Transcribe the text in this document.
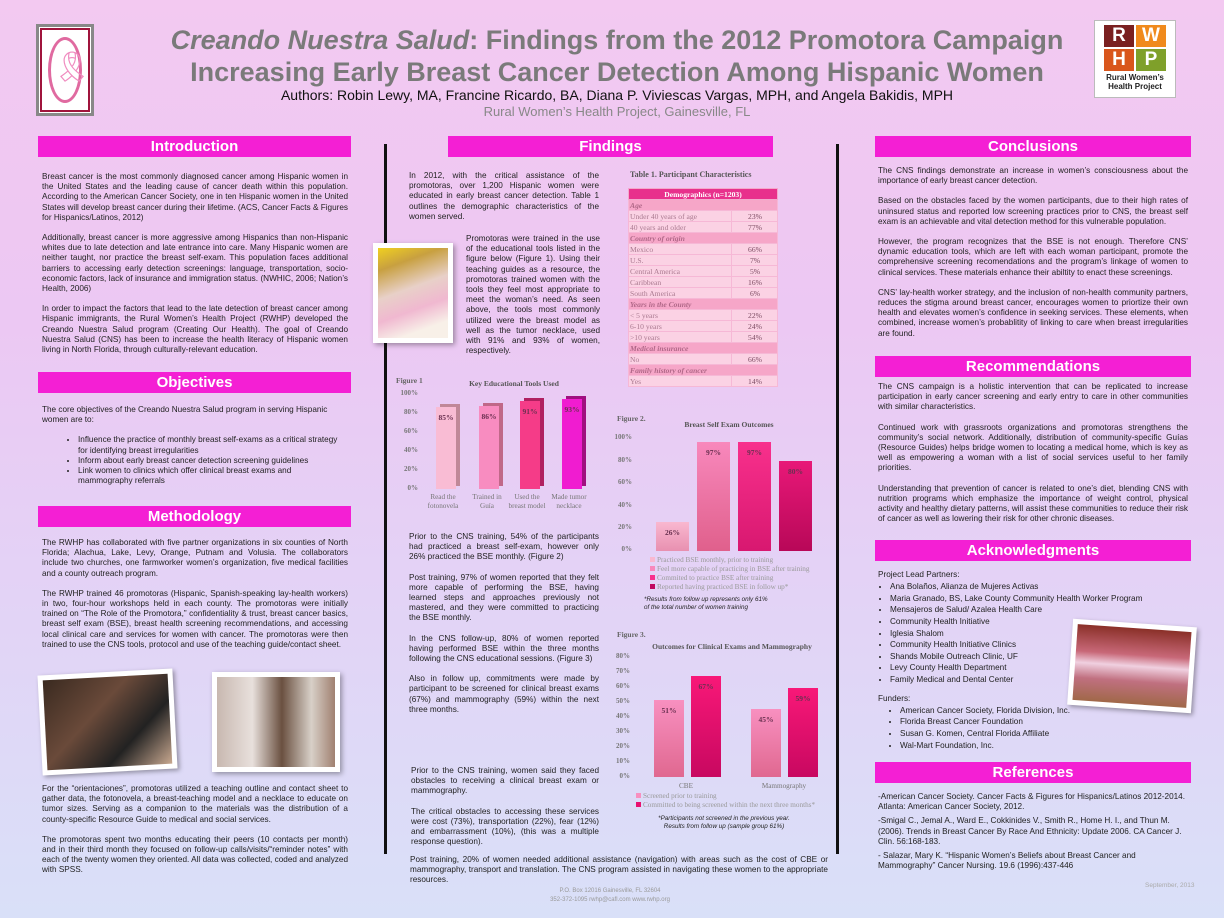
🎗
Creando Nuestra Salud: Findings from the 2012 Promotora Campaign
Increasing Early Breast Cancer Detection Among Hispanic Women
Authors: Robin Lewy, MA, Francine Ricardo, BA, Diana P. Viviescas Vargas, MPH, and Angela Bakidis, MPH
Rural Women’s Health Project, Gainesville, FL
R W
H P
Rural Women’s Health Project
Introduction

Breast cancer is the most commonly diagnosed cancer among Hispanic women in the United States and the leading cause of cancer death within this population. According to the American Cancer Society, one in ten Hispanic women in the United States will develop breast cancer during their lifetime. (ACS, Cancer Facts & Figures for Hispanics/Latinos, 2012)

Additionally, breast cancer is more aggressive among Hispanics than non-Hispanic whites due to late detection and late entrance into care. Many Hispanic women are neither taught, nor practice the breast self-exam. This population faces additional barriers to accessing early detection screenings: language, transportation, socio-economic factors, lack of insurance and immigration status. (NWHIC, 2006; Nation’s Health, 2006)

In order to impact the factors that lead to the late detection of breast cancer among Hispanic immigrants, the Rural Women’s Health Project (RWHP) developed the Creando Nuestra Salud program (Creating Our Health). The goal of Creando Nuestra Salud (CNS) has been to increase the health literacy of Hispanic women living in North Florida, through culturally-relevant education.

Objectives
The core objectives of the Creando Nuestra Salud program in serving Hispanic women are to:
• Influence the practice of monthly breast self-exams as a critical strategy for identifying breast irregularities
• Inform about early breast cancer detection screening guidelines
• Link women to clinics which offer clinical breast exams and mammography referrals
Methodology

The RWHP has collaborated with five partner organizations in six counties of North Florida; Alachua, Lake, Levy, Orange, Putnam and Volusia. The collaborators include two churches, one farmworker women’s organization, five medical facilities and a county outreach program.

The RWHP trained 46 promotoras (Hispanic, Spanish-speaking lay-health workers) in two, four-hour workshops held in each county. The promotoras were initially trained on “The Role of the Promotora,” confidentiality & trust, breast cancer basics, breast self exam (BSE), breast health screening recommendations, and accessing local clinical care and services for women with cancer. The promotoras were then trained to use the CNS tools, protocol and use of the teaching guide/contact sheet.

For the “orientaciones”, promotoras utilized a teaching outline and contact sheet to gather data, the fotonovela, a breast-teaching model and a necklace to educate on tumor sizes. Serving as a companion to the materials was the distribution of a county-specific Resource Guide to medical and social services.

The promotoras spent two months educating their peers (10 contacts per month) and in their third month they focused on follow-up calls/visits/“reminder notes” with each of the twenty women they oriented. All data was collected, coded and analyzed with SPSS.

Findings
In 2012, with the critical assistance of the promotoras, over 1,200 Hispanic women were educated in early breast cancer detection. Table 1 outlines the demographic characteristics of the women served.
Promotoras were trained in the use of the educational tools listed in the figure below (Figure 1). Using their teaching guides as a resource, the promotoras trained women with the tools they feel most appropriate to meet the woman’s need. As seen above, the tools most commonly utilized were the breast model as well as the tumor necklace, used with 91% and 93% of women, respectively.
Figure 1	Key Educational Tools Used
100%
80%
60%
40%
20%
0%
85%	86%
91%	93%
Read the fotonovela
Trained in Guía
Used the breast model
Made tumor necklace

Prior to the CNS training, 54% of the participants had practiced a breast self-exam, however only 26% practiced the BSE monthly. (Figure 2)

Post training, 97% of women reported that they felt more capable of performing the BSE, having learned steps and approaches previously not mastered, and they were committed to practicing the BSE monthly.

In the CNS follow-up, 80% of women reported having performed BSE within the three months following the CNS educational sessions. (Figure 3)

Also in follow up, commitments were made by participant to be screened for clinical breast exams (67%) and mammography (59%) within the next three months.

Prior to the CNS training, women said they faced obstacles to receiving a clinical breast exam or mammography.

The critical obstacles to accessing these services were cost (73%), transportation (22%), fear (12%) and embarrassment (10%), (this was a multiple response question).

Post training, 20% of women needed additional assistance (navigation) with areas such as the cost of CBE or mammography, transport and translation. The CNS program assisted in navigating these women to the appropriate resources.
P.O. Box 12016 Gainesville, FL 32604
352-372-1095 rwhp@cafl.com www.rwhp.org
Table 1. Participant Characteristics
Demographics (n=1203)	
Age	
Under 40 years of age	23%
40 years and older	77%
Country of origin	
Mexico	66%
U.S.	7%
Central America	5%
Caribbean	16%
South America	6%
Years in the County	
< 5 years	22%
6-10 years	24%
>10 years	54%
Medical insurance	
No	66%
Family history of cancer	
Yes	14%
Figure 2.
Breast Self Exam Outcomes
100%
80%
60%
40%
20%
0%
26%
97%	97%
80%
Practiced BSE monthly, prior to training
Feel more capable of practicing in BSE after training
Commited to practice BSE after training
Reported having practiced BSE in follow up*
*Results from follow up represents only 61% of the total number of women training
Figure 3.
Outcomes for Clinical Exams and Mammography
80%
70%
60%
50%
40%
30%
20%
10%
0%
51%
67%
45%
59%
CBE	Mammography
Screened prior to training
Committed to being screened within the next three months*
*Participants not screened in the previous year.
Results from follow up (sample group 61%)
Conclusions

The CNS findings demonstrate an increase in women’s consciousness about the importance of early breast cancer detection.

Based on the obstacles faced by the women participants, due to their high rates of uninsured status and reported low screening practices prior to CNS, the breast self exam is an achievable and vital detection method for this vulnerable population.

However, the program recognizes that the BSE is not enough. Therefore CNS’ dynamic education tools, which are left with each woman participant, promote the comprehensive screening recomendations and the program’s linkage of women to clinical services. These materials enhance their abiltity to enact these screenings.

CNS’ lay-health worker strategy, and the inclusion of non-health community partners, reduces the stigma around breast cancer, encourages women to priortize their own health and elevates women’s confidence in seeking services. These elements, when combined, increase women’s probablitity of linking to care when breast irregularities are found.

Recommendations

The CNS campaign is a holistic intervention that can be replicated to increase participation in early cancer screening and early entry to care in other communities with similar characteristics.

Continued work with grassroots organizations and promotoras strengthens the community’s social network. Additionally, distribution of community-specific Guías (Resource Guides) helps bridge women to locating a medical home, which is key as well as empowering a woman with a list of social services useful to her family priorities.

Understanding that prevention of cancer is related to one’s diet, blending CNS with nutrition programs which emphasize the importance of weight control, physical activity and healthy dietary patterns, will assist these communities to reduce their risk of cancer as well as lowering their risk for other chronic diseases.

Acknowledgments
Project Lead Partners:
• Ana Bolaños, Alianza de Mujeres Activas
• Maria Granado, BS, Lake County Community Health Worker Program
• Mensajeros de Salud/ Azalea Health Care
• Community Health Initiative
• Iglesia Shalom
• Community Health Initiative Clinics
• Shands Mobile Outreach Clinic, UF
• Levy County Health Department
• Family Medical and Dental Center
Funders:
• American Cancer Society, Florida Division, Inc.
• Florida Breast Cancer Foundation
• Susan G. Komen, Central Florida Affiliate
• Wal-Mart Foundation, Inc.
References

-American Cancer Society. Cancer Facts & Figures for Hispanics/Latinos 2012-2014. Atlanta: American Cancer Society, 2012.

-Smigal C., Jemal A., Ward E., Cokkinides V., Smith R., Home H. I., and Thun M. (2006). Trends in Breast Cancer By Race And Ethnicity: Update 2006. CA Cancer J. Clin. 56:168-183.

- Salazar, Mary K. “Hispanic Women’s Beliefs about Breast Cancer and Mammography” Cancer Nursing. 19.6 (1996):437-446

September, 2013
